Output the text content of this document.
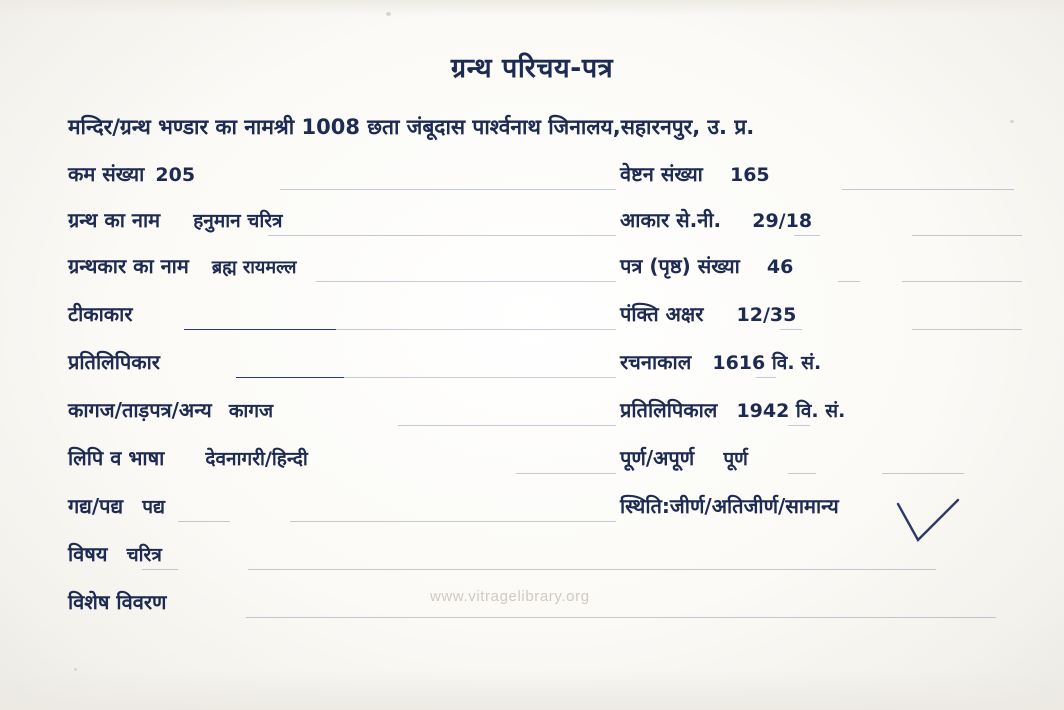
ग्रन्थ परिचय-पत्र
मन्दिर/ग्रन्थ भण्डार का नामश्री 1008 छता जंबूदास पार्श्वनाथ जिनालय,सहारनपुर, उ. प्र.
कम संख्या 205
ग्रन्थ का नाम हनुमान चरित्र
ग्रन्थकार का नाम ब्रह्म रायमल्ल
टीकाकार
प्रतिलिपिकार
कागज/ताड़पत्र/अन्य कागज
लिपि व भाषा देवनागरी/हिन्दी
गद्य/पद्य पद्य
विषय चरित्र
विशेष विवरण
वेष्टन संख्या 165
आकार से.नी. 29/18
पत्र (पृष्ठ) संख्या 46
पंक्ति अक्षर 12/35
रचनाकाल 1616 वि. सं.
प्रतिलिपिकाल 1942 वि. सं.
पूर्ण/अपूर्ण पूर्ण
स्थिति:जीर्ण/अतिजीर्ण/सामान्य
www.vitragelibrary.org
